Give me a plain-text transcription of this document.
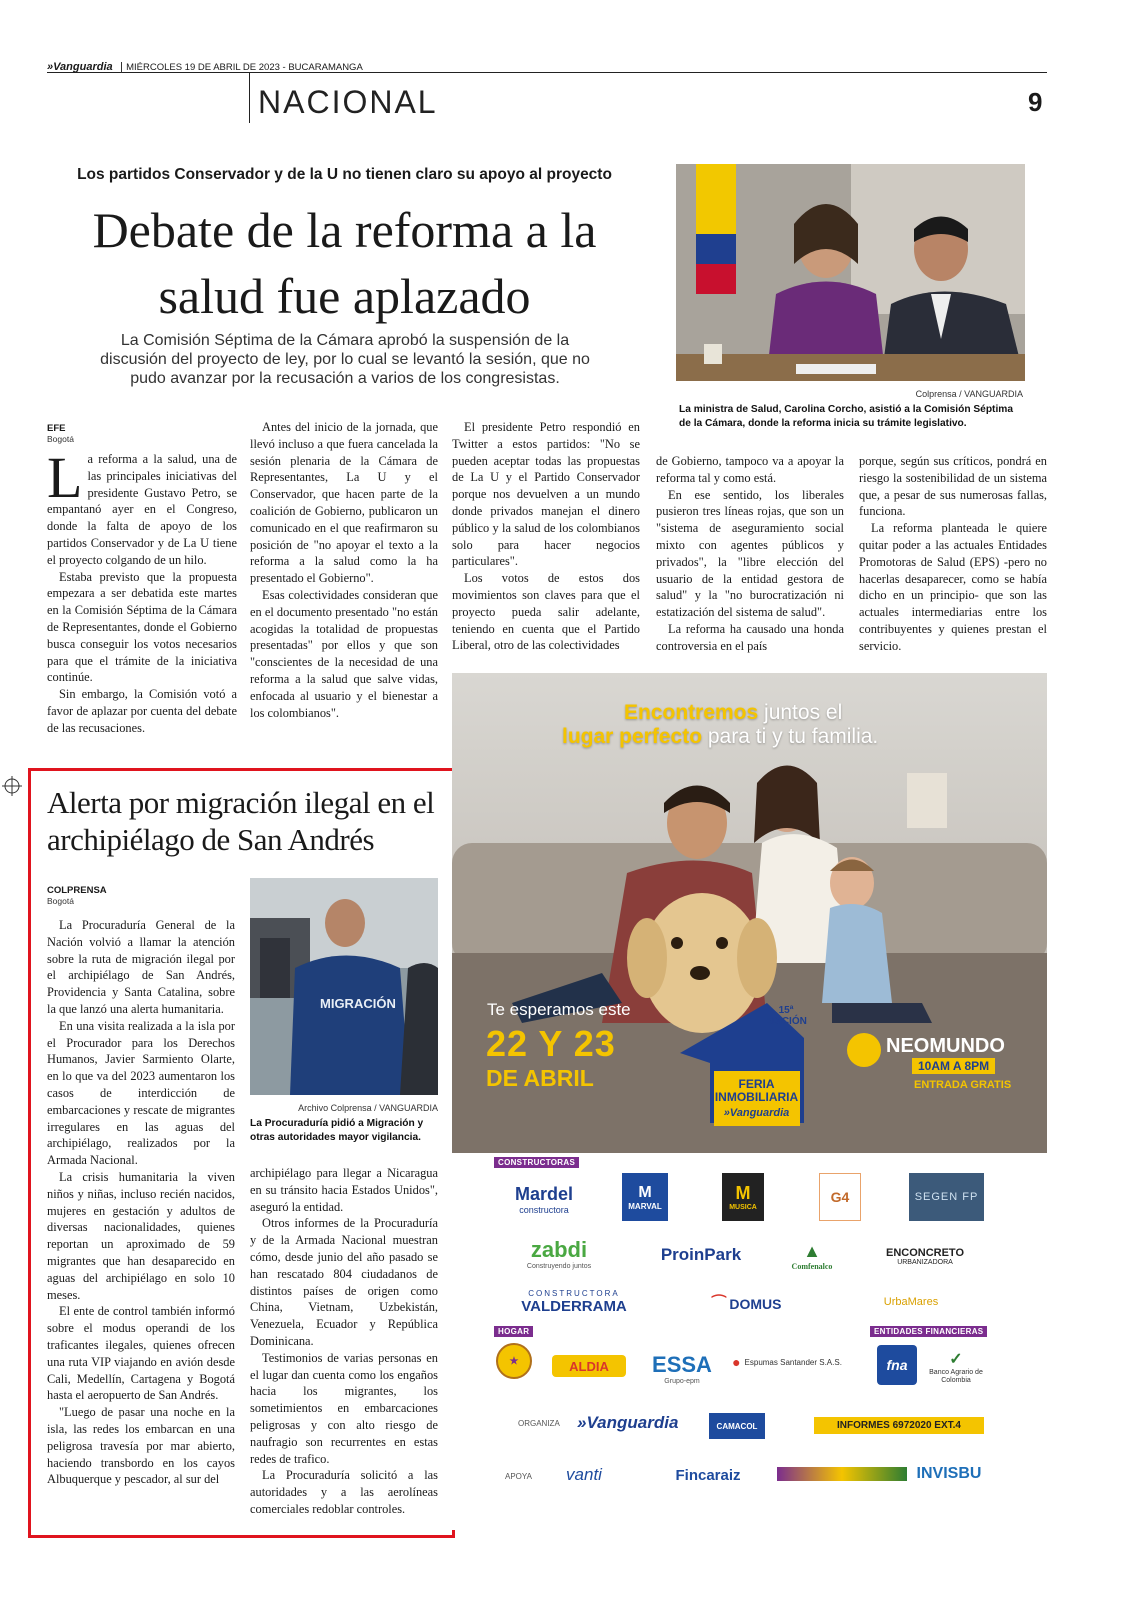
»Vanguardia MIÉRCOLES 19 DE ABRIL DE 2023 - BUCARAMANGA
NACIONAL	9
Los partidos Conservador y de la U no tienen claro su apoyo al proyecto
Debate de la reforma a la salud fue aplazado
La Comisión Séptima de la Cámara aprobó la suspensión de la discusión del proyecto de ley, por lo cual se levantó la sesión, que no pudo avanzar por la recusación a varios de los congresistas.
Colprensa / VANGUARDIA
La ministra de Salud, Carolina Corcho, asistió a la Comisión Séptima de la Cámara, donde la reforma inicia su trámite legislativo.
EFE
Bogotá

La reforma a la salud, una de las principales iniciativas del presidente Gustavo Petro, se empantanó ayer en el Congreso, donde la falta de apoyo de los partidos Conservador y de La U tiene el proyecto colgando de un hilo.

Estaba previsto que la propuesta empezara a ser debatida este martes en la Comisión Séptima de la Cámara de Representantes, donde el Gobierno busca conseguir los votos necesarios para que el trámite de la iniciativa continúe.

Sin embargo, la Comisión votó a favor de aplazar por cuenta del debate de las recusaciones.

Antes del inicio de la jornada, que llevó incluso a que fuera cancelada la sesión plenaria de la Cámara de Representantes, La U y el Conservador, que hacen parte de la coalición de Gobierno, publicaron un comunicado en el que reafirmaron su posición de "no apoyar el texto a la reforma a la salud como la ha presentado el Gobierno".

Esas colectividades consideran que en el documento presentado "no están acogidas la totalidad de propuestas presentadas" por ellos y que son "conscientes de la necesidad de una reforma a la salud que salve vidas, enfocada al usuario y el bienestar a los colombianos".

El presidente Petro respondió en Twitter a estos partidos: "No se pueden aceptar todas las propuestas de La U y el Partido Conservador porque nos devuelven a un mundo donde privados manejan el dinero público y la salud de los colombianos solo para hacer negocios particulares".

Los votos de estos dos movimientos son claves para que el proyecto pueda salir adelante, teniendo en cuenta que el Partido Liberal, otro de las colectividades

de Gobierno, tampoco va a apoyar la reforma tal y como está.

En ese sentido, los liberales pusieron tres líneas rojas, que son un "sistema de aseguramiento social mixto con agentes públicos y privados", la "libre elección del usuario de la entidad gestora de salud" y la "no burocratización ni estatización del sistema de salud".

La reforma ha causado una honda controversia en el país

porque, según sus críticos, pondrá en riesgo la sostenibilidad de un sistema que, a pesar de sus numerosas fallas, funciona.

La reforma planteada le quiere quitar poder a las actuales Entidades Promotoras de Salud (EPS) -pero no hacerlas desaparecer, como se había dicho en un principio- que son las actuales intermediarias entre los contribuyentes y quienes prestan el servicio.

Alerta por migración ilegal en el archipiélago de San Andrés
COLPRENSA
Bogotá
MIGRACIÓN
Archivo Colprensa / VANGUARDIA
La Procuraduría pidió a Migración y otras autoridades mayor vigilancia.

La Procuraduría General de la Nación volvió a llamar la atención sobre la ruta de migración ilegal por el archipiélago de San Andrés, Providencia y Santa Catalina, sobre la que lanzó una alerta humanitaria.

En una visita realizada a la isla por el Procurador para los Derechos Humanos, Javier Sarmiento Olarte, en lo que va del 2023 aumentaron los casos de interdicción de embarcaciones y rescate de migrantes irregulares en las aguas del archipiélago, realizados por la Armada Nacional.

La crisis humanitaria la viven niños y niñas, incluso recién nacidos, mujeres en gestación y adultos de diversas nacionalidades, quienes reportan un aproximado de 59 migrantes que han desaparecido en aguas del archipiélago en solo 10 meses.

El ente de control también informó sobre el modus operandi de los traficantes ilegales, quienes ofrecen una ruta VIP viajando en avión desde Cali, Medellín, Cartagena y Bogotá hasta el aeropuerto de San Andrés.

"Luego de pasar una noche en la isla, las redes los embarcan en una peligrosa travesía por mar abierto, haciendo transbordo en los cayos Albuquerque y pescador, al sur del

archipiélago para llegar a Nicaragua en su tránsito hacia Estados Unidos", aseguró la entidad.

Otros informes de la Procuraduría y de la Armada Nacional muestran cómo, desde junio del año pasado se han rescatado 804 ciudadanos de distintos países de origen como China, Vietnam, Uzbekistán, Venezuela, Ecuador y República Dominicana.

Testimonios de varias personas en el lugar dan cuenta como los engaños hacia los migrantes, los sometimientos en embarcaciones peligrosas y con alto riesgo de naufragio son recurrentes en estas redes de trafico.

La Procuraduría solicitó a las autoridades y a las aerolíneas comerciales redoblar controles.

Encontremos juntos el
lugar perfecto para ti y tu familia.
Te esperamos este
22 Y 23
DE ABRIL
15ª EDICIÓN
FERIA INMOBILIARIA
»Vanguardia
NEOMUNDO
10AM A 8PM
ENTRADA GRATIS
CONSTRUCTORAS
Mardel
constructora
M
MARVAL
M
MUSICA
G4	SEGEN FP
zabdi
Construyendo juntos
ProinPark	▲
Comfenalco
ENCONCRETO
URBANIZADORA
CONSTRUCTORA
VALDERRAMA	⁀ DOMUS	UrbaMares
HOGAR	ENTIDADES FINANCIERAS
★	ALDIA ESSA
Grupo-epm
● Espumas Santander S.A.S.	fna	✓
Banco Agrario de Colombia
ORGANIZA »Vanguardia	CAMACOL	INFORMES 6972020 EXT.4
APOYA vanti	Fincaraiz	INVISBU
